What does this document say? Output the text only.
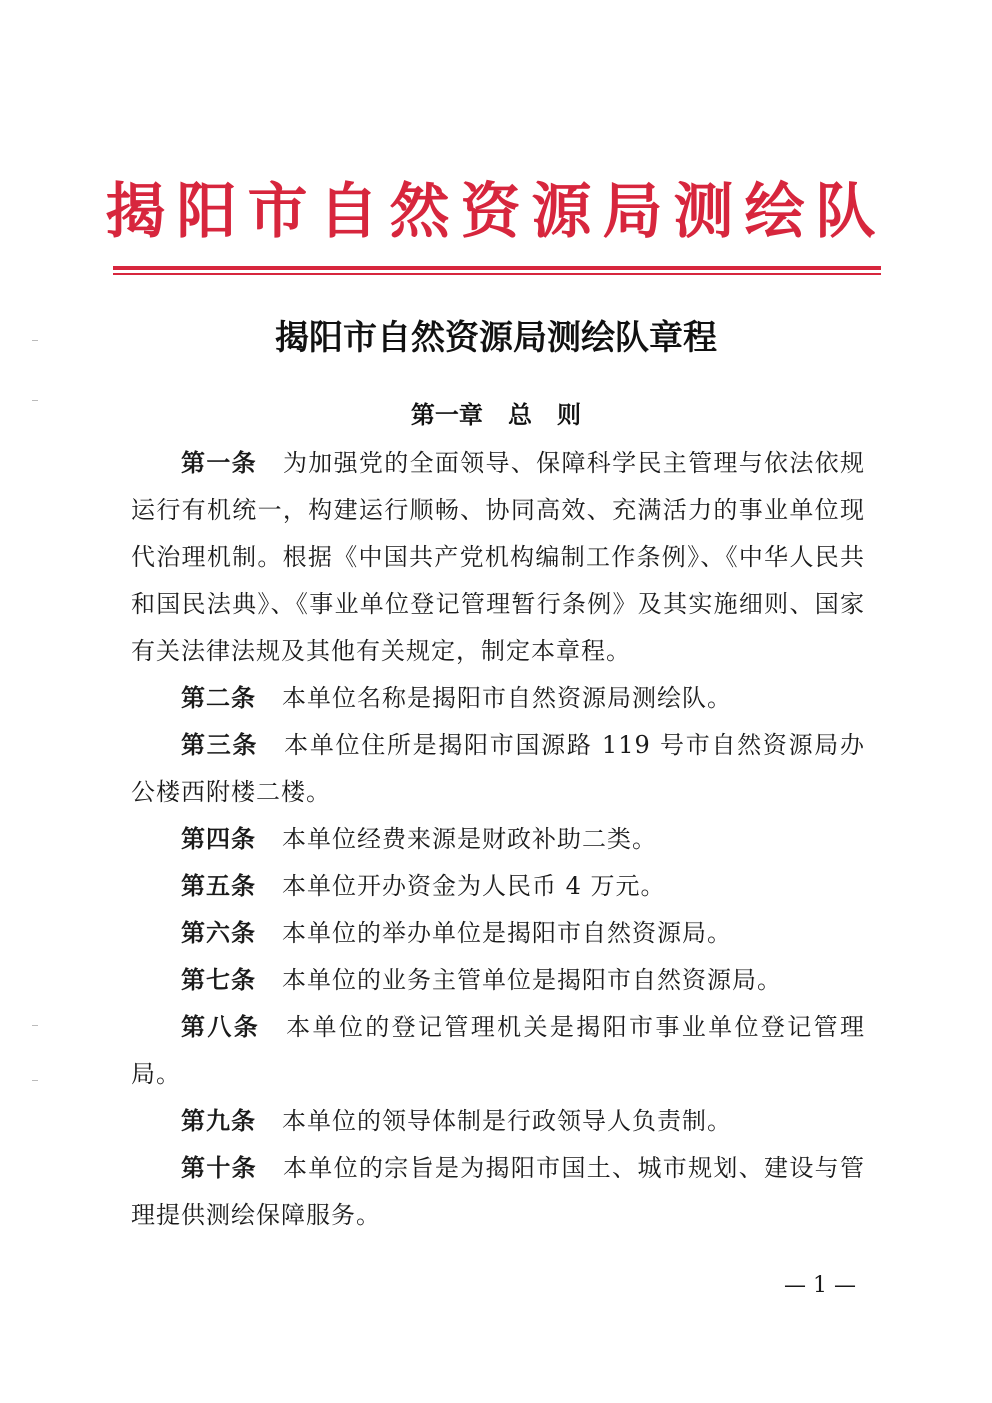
揭阳市自然资源局测绘队
揭阳市自然资源局测绘队章程
第一章   总   则

第一条 为加强党的全面领导、保障科学民主管理与依法依规运行有机统一，构建运行顺畅、协同高效、充满活力的事业单位现代治理机制。根据《中国共产党机构编制工作条例》、《中华人民共和国民法典》、《事业单位登记管理暂行条例》及其实施细则、国家有关法律法规及其他有关规定，制定本章程。

第二条 本单位名称是揭阳市自然资源局测绘队。

第三条 本单位住所是揭阳市国源路 119 号市自然资源局办公楼西附楼二楼。

第四条 本单位经费来源是财政补助二类。

第五条 本单位开办资金为人民币 4 万元。

第六条 本单位的举办单位是揭阳市自然资源局。

第七条 本单位的业务主管单位是揭阳市自然资源局。

第八条 本单位的登记管理机关是揭阳市事业单位登记管理局。

第九条 本单位的领导体制是行政领导人负责制。

第十条 本单位的宗旨是为揭阳市国土、城市规划、建设与管理提供测绘保障服务。

— 1 —
